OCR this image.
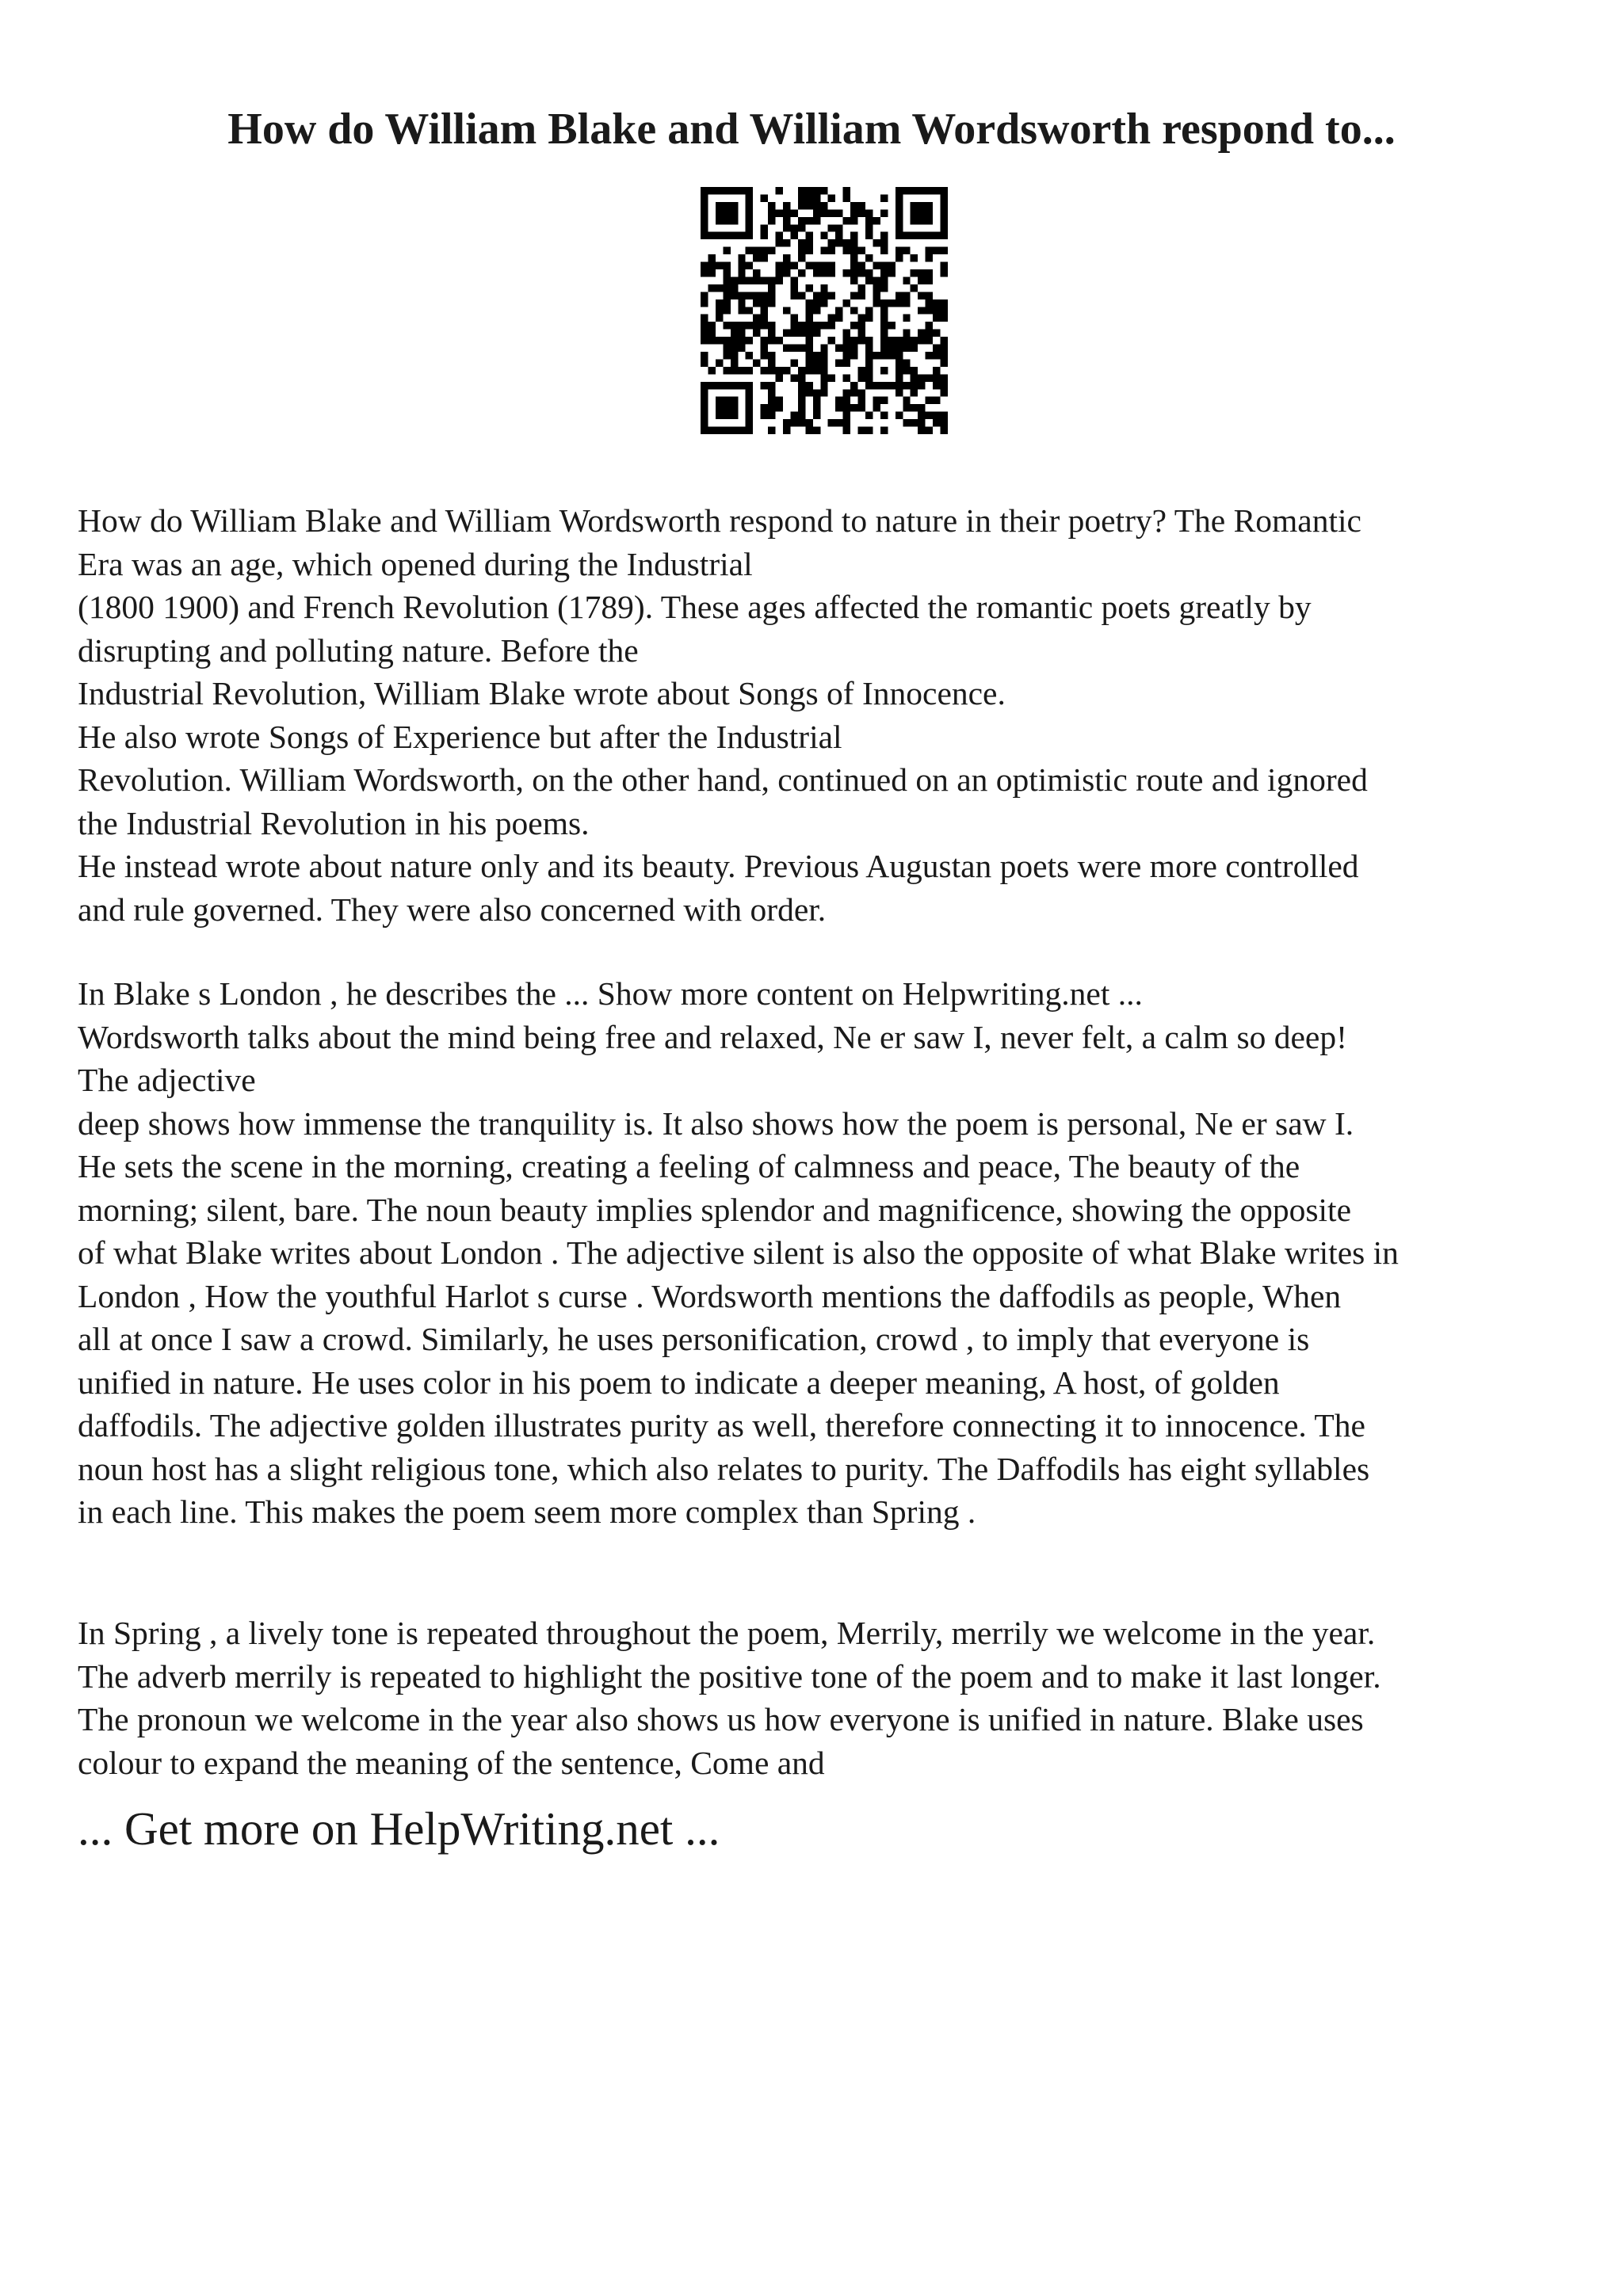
How do William Blake and William Wordsworth respond to...
How do William Blake and William Wordsworth respond to nature in their poetry? The Romantic
Era was an age, which opened during the Industrial
(1800 1900) and French Revolution (1789). These ages affected the romantic poets greatly by
disrupting and polluting nature. Before the
Industrial Revolution, William Blake wrote about Songs of Innocence.
He also wrote Songs of Experience but after the Industrial
Revolution. William Wordsworth, on the other hand, continued on an optimistic route and ignored
the Industrial Revolution in his poems.
He instead wrote about nature only and its beauty. Previous Augustan poets were more controlled
and rule governed. They were also concerned with order.
In Blake s London , he describes the ... Show more content on Helpwriting.net ...
Wordsworth talks about the mind being free and relaxed, Ne er saw I, never felt, a calm so deep!
The adjective
deep shows how immense the tranquility is. It also shows how the poem is personal, Ne er saw I.
He sets the scene in the morning, creating a feeling of calmness and peace, The beauty of the
morning; silent, bare. The noun beauty implies splendor and magnificence, showing the opposite
of what Blake writes about London . The adjective silent is also the opposite of what Blake writes in
London , How the youthful Harlot s curse . Wordsworth mentions the daffodils as people, When
all at once I saw a crowd. Similarly, he uses personification, crowd , to imply that everyone is
unified in nature. He uses color in his poem to indicate a deeper meaning, A host, of golden
daffodils. The adjective golden illustrates purity as well, therefore connecting it to innocence. The
noun host has a slight religious tone, which also relates to purity. The Daffodils has eight syllables
in each line. This makes the poem seem more complex than Spring .
In Spring , a lively tone is repeated throughout the poem, Merrily, merrily we welcome in the year.
The adverb merrily is repeated to highlight the positive tone of the poem and to make it last longer.
The pronoun we welcome in the year also shows us how everyone is unified in nature. Blake uses
colour to expand the meaning of the sentence, Come and
... Get more on HelpWriting.net ...
